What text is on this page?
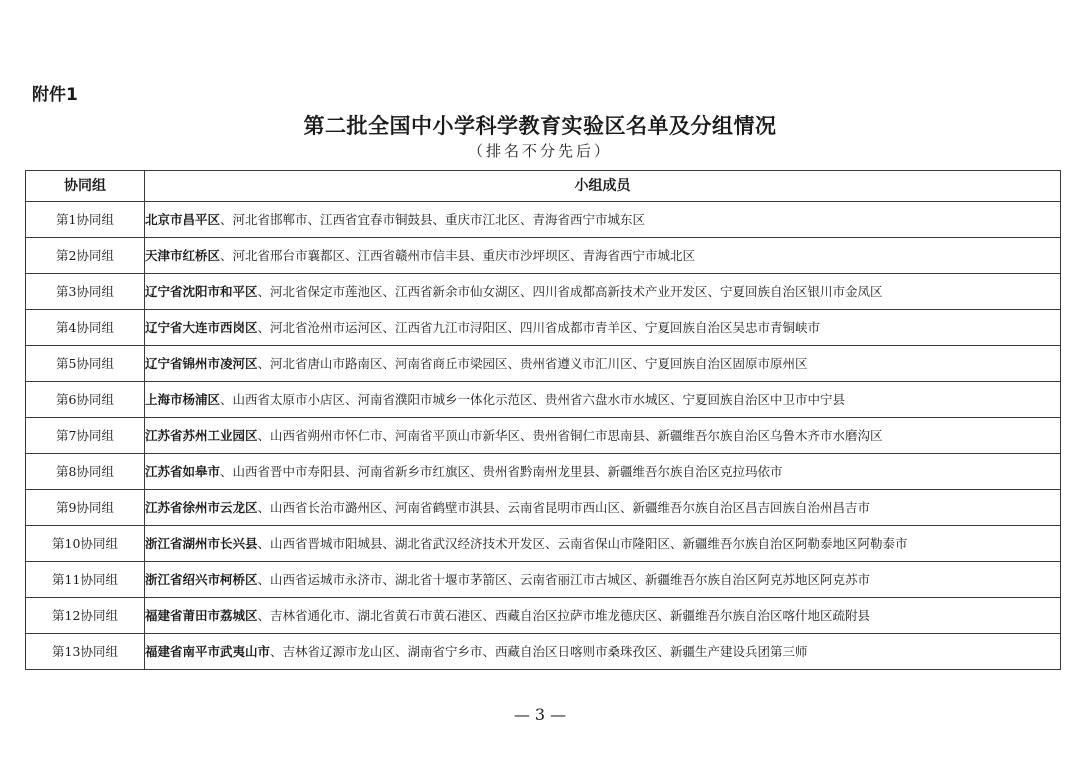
附件1
第二批全国中小学科学教育实验区名单及分组情况
（排名不分先后）
协同组	小组成员
第1协同组	北京市昌平区、河北省邯郸市、江西省宜春市铜鼓县、重庆市江北区、青海省西宁市城东区
第2协同组	天津市红桥区、河北省邢台市襄都区、江西省赣州市信丰县、重庆市沙坪坝区、青海省西宁市城北区
第3协同组	辽宁省沈阳市和平区、河北省保定市莲池区、江西省新余市仙女湖区、四川省成都高新技术产业开发区、宁夏回族自治区银川市金凤区
第4协同组	辽宁省大连市西岗区、河北省沧州市运河区、江西省九江市浔阳区、四川省成都市青羊区、宁夏回族自治区吴忠市青铜峡市
第5协同组	辽宁省锦州市凌河区、河北省唐山市路南区、河南省商丘市梁园区、贵州省遵义市汇川区、宁夏回族自治区固原市原州区
第6协同组	上海市杨浦区、山西省太原市小店区、河南省濮阳市城乡一体化示范区、贵州省六盘水市水城区、宁夏回族自治区中卫市中宁县
第7协同组	江苏省苏州工业园区、山西省朔州市怀仁市、河南省平顶山市新华区、贵州省铜仁市思南县、新疆维吾尔族自治区乌鲁木齐市水磨沟区
第8协同组	江苏省如皋市、山西省晋中市寿阳县、河南省新乡市红旗区、贵州省黔南州龙里县、新疆维吾尔族自治区克拉玛依市
第9协同组	江苏省徐州市云龙区、山西省长治市潞州区、河南省鹤壁市淇县、云南省昆明市西山区、新疆维吾尔族自治区昌吉回族自治州昌吉市
第10协同组	浙江省湖州市长兴县、山西省晋城市阳城县、湖北省武汉经济技术开发区、云南省保山市隆阳区、新疆维吾尔族自治区阿勒泰地区阿勒泰市
第11协同组	浙江省绍兴市柯桥区、山西省运城市永济市、湖北省十堰市茅箭区、云南省丽江市古城区、新疆维吾尔族自治区阿克苏地区阿克苏市
第12协同组	福建省莆田市荔城区、吉林省通化市、湖北省黄石市黄石港区、西藏自治区拉萨市堆龙德庆区、新疆维吾尔族自治区喀什地区疏附县
第13协同组	福建省南平市武夷山市、吉林省辽源市龙山区、湖南省宁乡市、西藏自治区日喀则市桑珠孜区、新疆生产建设兵团第三师
— 3 —
